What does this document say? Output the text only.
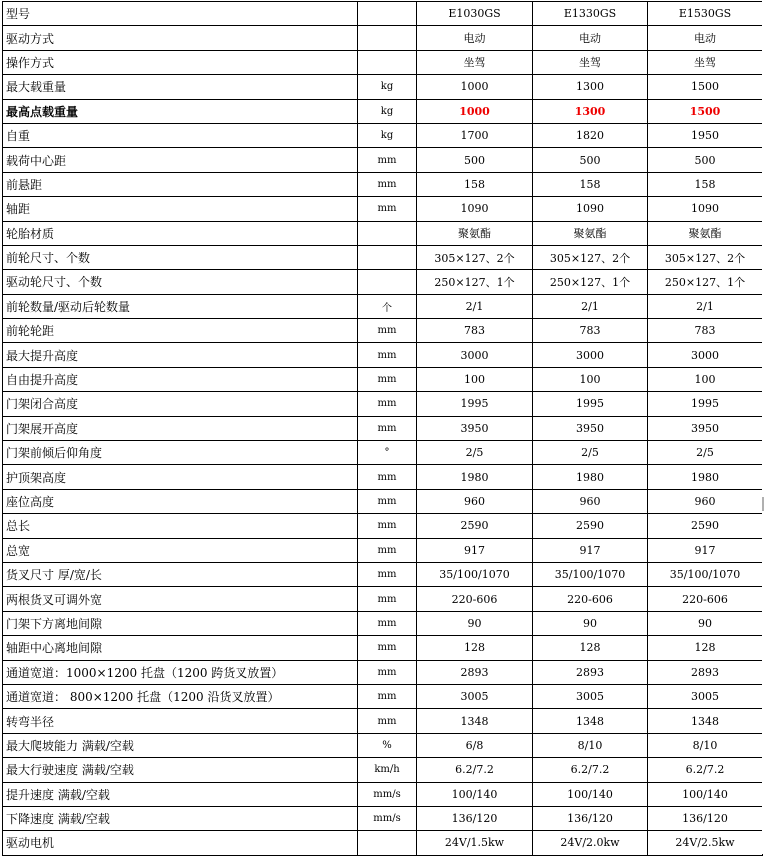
型号		E1030GS	E1330GS	E1530GS
驱动方式		电动	电动	电动
操作方式		坐驾	坐驾	坐驾
最大载重量	kg	1000	1300	1500
最高点载重量	kg	1000	1300	1500
自重	kg	1700	1820	1950
载荷中心距	mm	500	500	500
前悬距	mm	158	158	158
轴距	mm	1090	1090	1090
轮胎材质		聚氨酯	聚氨酯	聚氨酯
前轮尺寸、个数		305×127、2个	305×127、2个	305×127、2个
驱动轮尺寸、个数		250×127、1个	250×127、1个	250×127、1个
前轮数量/驱动后轮数量	个	2/1	2/1	2/1
前轮轮距	mm	783	783	783
最大提升高度	mm	3000	3000	3000
自由提升高度	mm	100	100	100
门架闭合高度	mm	1995	1995	1995
门架展开高度	mm	3950	3950	3950
门架前倾后仰角度	°	2/5	2/5	2/5
护顶架高度	mm	1980	1980	1980
座位高度	mm	960	960	960
总长	mm	2590	2590	2590
总宽	mm	917	917	917
货叉尺寸 厚/宽/长	mm	35/100/1070	35/100/1070	35/100/1070
两根货叉可调外宽	mm	220-606	220-606	220-606
门架下方离地间隙	mm	90	90	90
轴距中心离地间隙	mm	128	128	128
通道宽道：1000×1200 托盘（1200 跨货叉放置）	mm	2893	2893	2893
通道宽道： 800×1200 托盘（1200 沿货叉放置）	mm	3005	3005	3005
转弯半径	mm	1348	1348	1348
最大爬坡能力 满载/空载	%	6/8	8/10	8/10
最大行驶速度 满载/空载	km/h	6.2/7.2	6.2/7.2	6.2/7.2
提升速度 满载/空载	mm/s	100/140	100/140	100/140
下降速度 满载/空载	mm/s	136/120	136/120	136/120
驱动电机		24V/1.5kw	24V/2.0kw	24V/2.5kw
